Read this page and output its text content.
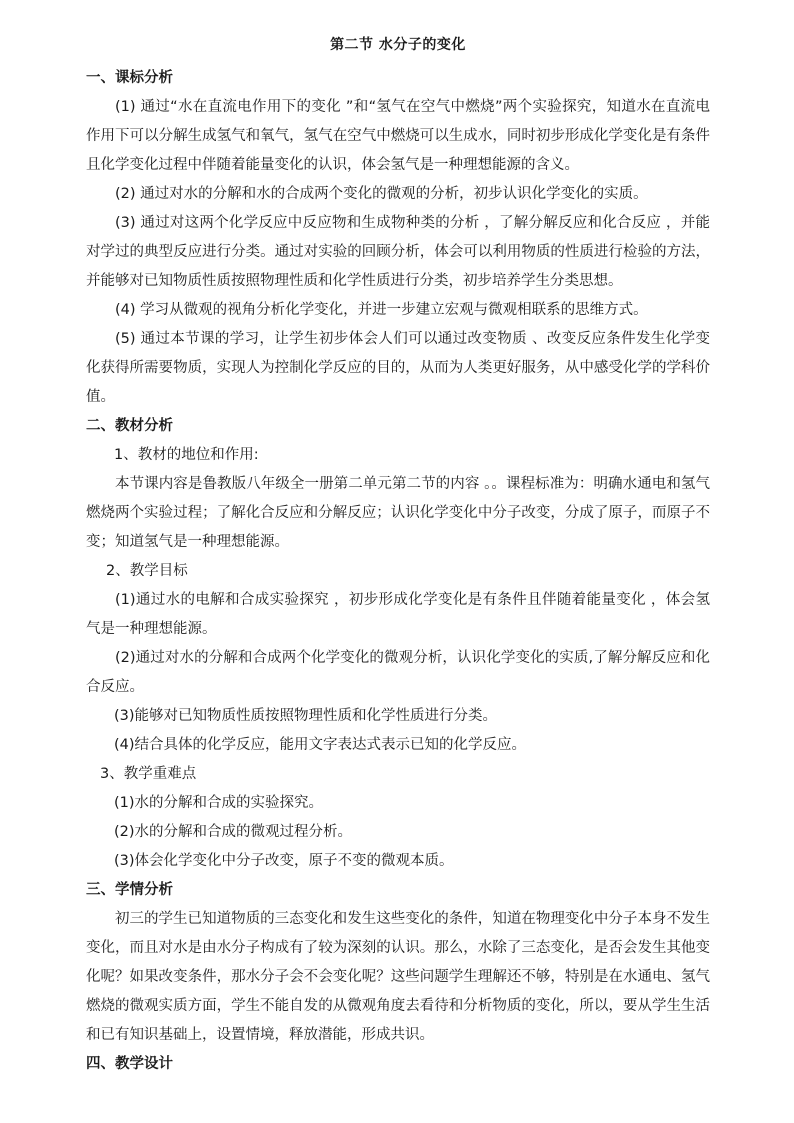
第二节 水分子的变化
一、课标分析

(1) 通过“水在直流电作用下的变化 ”和“氢气在空气中燃烧”两个实验探究，知道水在直流电作用下可以分解生成氢气和氧气，氢气在空气中燃烧可以生成水，同时初步形成化学变化是有条件且化学变化过程中伴随着能量变化的认识，体会氢气是一种理想能源的含义。

(2) 通过对水的分解和水的合成两个变化的微观的分析，初步认识化学变化的实质。

(3) 通过对这两个化学反应中反应物和生成物种类的分析 ，了解分解反应和化合反应 ，并能对学过的典型反应进行分类。通过对实验的回顾分析，体会可以利用物质的性质进行检验的方法，并能够对已知物质性质按照物理性质和化学性质进行分类，初步培养学生分类思想。

(4) 学习从微观的视角分析化学变化，并进一步建立宏观与微观相联系的思维方式。

(5) 通过本节课的学习，让学生初步体会人们可以通过改变物质 、改变反应条件发生化学变化获得所需要物质，实现人为控制化学反应的目的，从而为人类更好服务，从中感受化学的学科价值。

二、教材分析

1、教材的地位和作用:

本节课内容是鲁教版八年级全一册第二单元第二节的内容 。。课程标准为：明确水通电和氢气燃烧两个实验过程；了解化合反应和分解反应；认识化学变化中分子改变，分成了原子，而原子不变；知道氢气是一种理想能源。

2、教学目标

(1)通过水的电解和合成实验探究 ，初步形成化学变化是有条件且伴随着能量变化 ，体会氢气是一种理想能源。

(2)通过对水的分解和合成两个化学变化的微观分析，认识化学变化的实质,了解分解反应和化合反应。

(3)能够对已知物质性质按照物理性质和化学性质进行分类。

(4)结合具体的化学反应，能用文字表达式表示已知的化学反应。

3、教学重难点

(1)水的分解和合成的实验探究。

(2)水的分解和合成的微观过程分析。

(3)体会化学变化中分子改变，原子不变的微观本质。

三、学情分析

初三的学生已知道物质的三态变化和发生这些变化的条件，知道在物理变化中分子本身不发生变化，而且对水是由水分子构成有了较为深刻的认识。那么，水除了三态变化，是否会发生其他变化呢？如果改变条件，那水分子会不会变化呢？这些问题学生理解还不够，特别是在水通电、氢气燃烧的微观实质方面，学生不能自发的从微观角度去看待和分析物质的变化，所以，要从学生生活和已有知识基础上，设置情境，释放潜能，形成共识。

四、教学设计
